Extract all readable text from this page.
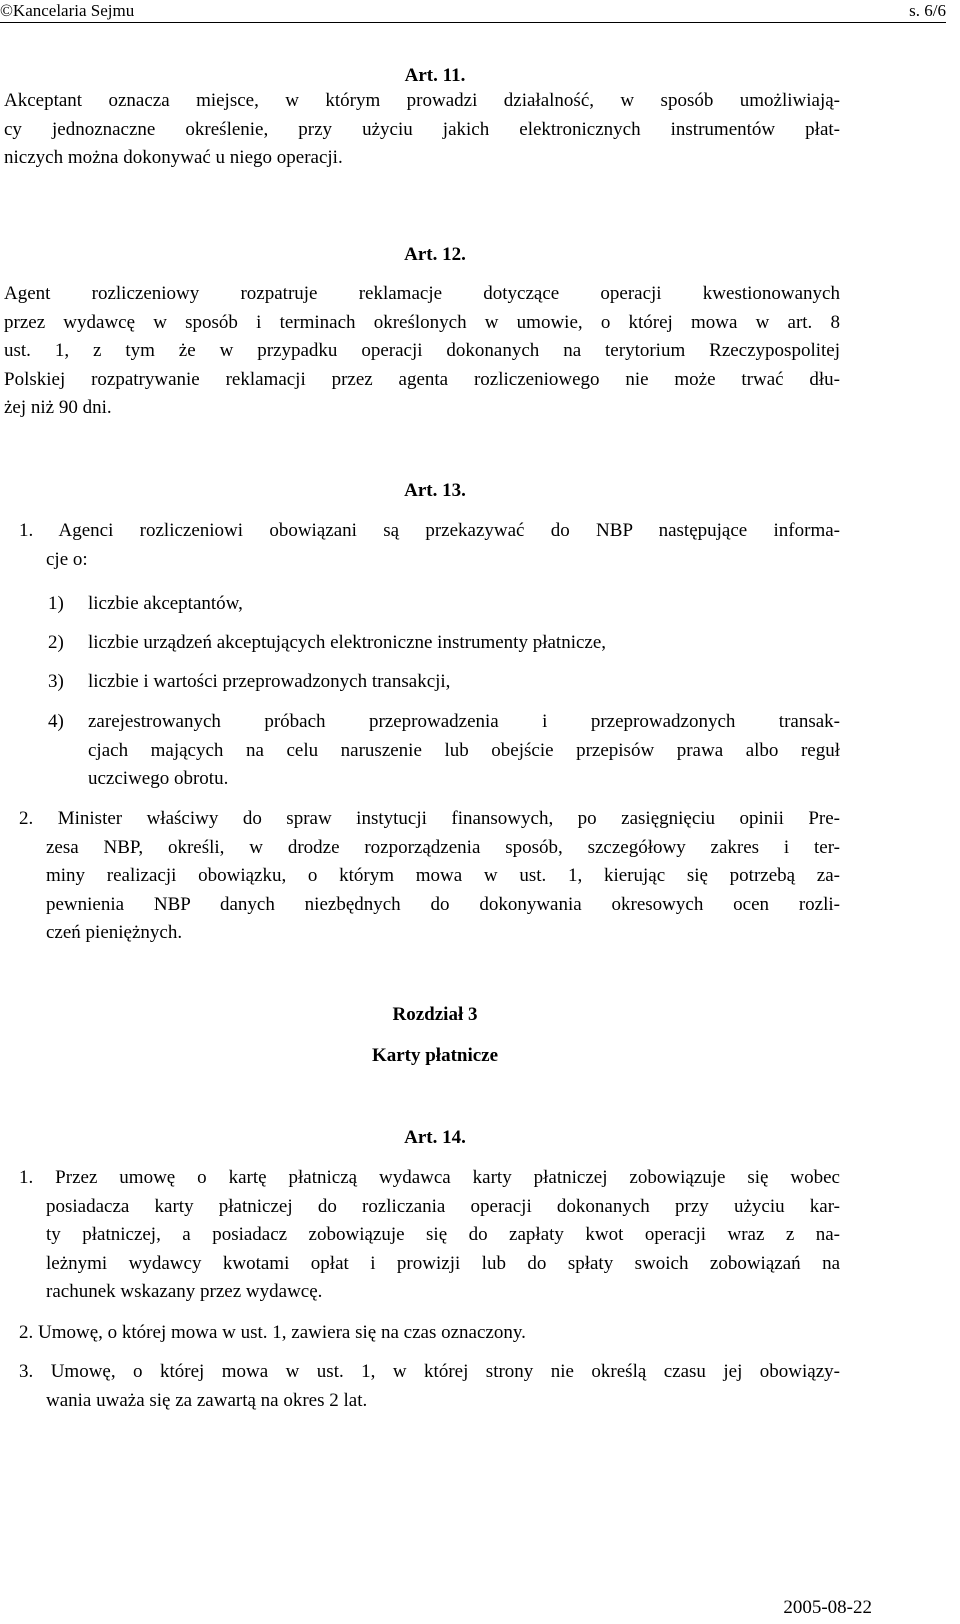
©Kancelaria Sejmu	s. 6/6
Art. 11.
Akceptant oznacza miejsce, w którym prowadzi działalność, w sposób umożliwiają-
cy jednoznaczne określenie, przy użyciu jakich elektronicznych instrumentów płat-
niczych można dokonywać u niego operacji.
Art. 12.
Agent rozliczeniowy rozpatruje reklamacje dotyczące operacji kwestionowanych
przez wydawcę w sposób i terminach określonych w umowie, o której mowa w art. 8
ust. 1, z tym że w przypadku operacji dokonanych na terytorium Rzeczypospolitej
Polskiej rozpatrywanie reklamacji przez agenta rozliczeniowego nie może trwać dłu-
żej niż 90 dni.
Art. 13.
1. Agenci rozliczeniowi obowiązani są przekazywać do NBP następujące informa-
cje o:
1) liczbie akceptantów,
2) liczbie urządzeń akceptujących elektroniczne instrumenty płatnicze,
3) liczbie i wartości przeprowadzonych transakcji,
4) zarejestrowanych próbach przeprowadzenia i przeprowadzonych transak-
cjach mających na celu naruszenie lub obejście przepisów prawa albo reguł
uczciwego obrotu.
2. Minister właściwy do spraw instytucji finansowych, po zasięgnięciu opinii Pre-
zesa NBP, określi, w drodze rozporządzenia sposób, szczegółowy zakres i ter-
miny realizacji obowiązku, o którym mowa w ust. 1, kierując się potrzebą za-
pewnienia NBP danych niezbędnych do dokonywania okresowych ocen rozli-
czeń pieniężnych.
Rozdział 3
Karty płatnicze
Art. 14.
1. Przez umowę o kartę płatniczą wydawca karty płatniczej zobowiązuje się wobec
posiadacza karty płatniczej do rozliczania operacji dokonanych przy użyciu kar-
ty płatniczej, a posiadacz zobowiązuje się do zapłaty kwot operacji wraz z na-
leżnymi wydawcy kwotami opłat i prowizji lub do spłaty swoich zobowiązań na
rachunek wskazany przez wydawcę.
2. Umowę, o której mowa w ust. 1, zawiera się na czas oznaczony.
3. Umowę, o której mowa w ust. 1, w której strony nie określą czasu jej obowiązy-
wania uważa się za zawartą na okres 2 lat.
2005-08-22
